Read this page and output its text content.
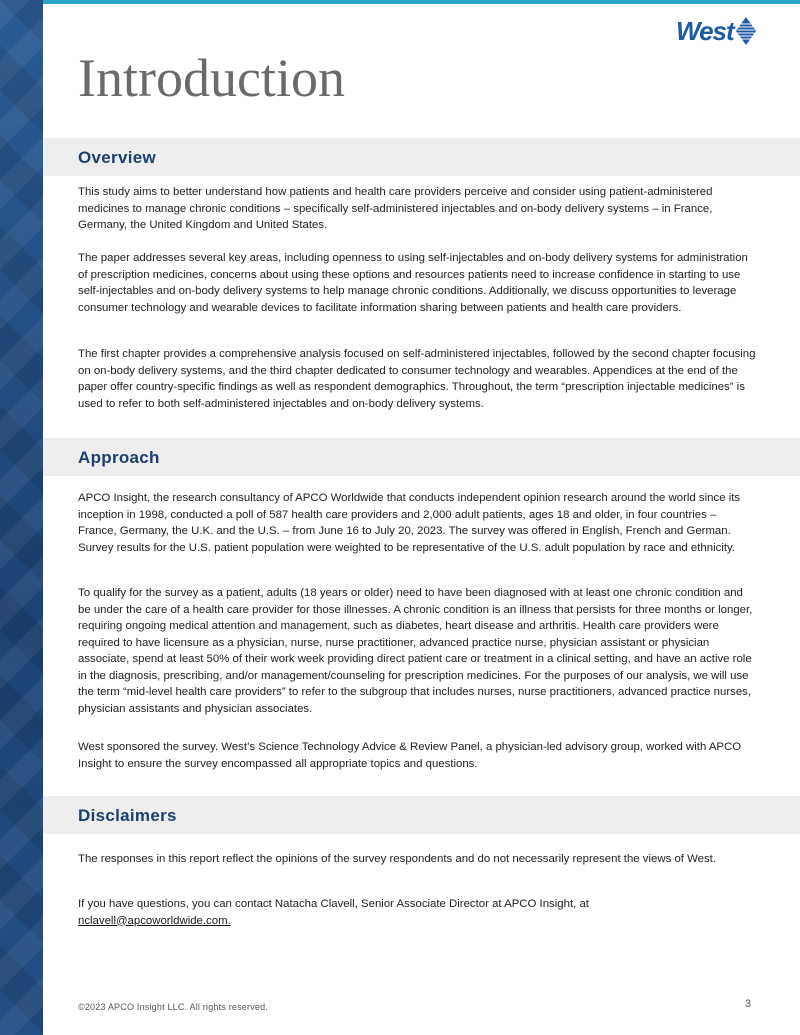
West
Introduction
Overview

This study aims to better understand how patients and health care providers perceive and consider using patient-administered medicines to manage chronic conditions – specifically self-administered injectables and on-body delivery systems – in France, Germany, the United Kingdom and United States.

The paper addresses several key areas, including openness to using self-injectables and on-body delivery systems for administration of prescription medicines, concerns about using these options and resources patients need to increase confidence in starting to use self-injectables and on-body delivery systems to help manage chronic conditions. Additionally, we discuss opportunities to leverage consumer technology and wearable devices to facilitate information sharing between patients and health care providers.

The first chapter provides a comprehensive analysis focused on self-administered injectables, followed by the second chapter focusing on on-body delivery systems, and the third chapter dedicated to consumer technology and wearables. Appendices at the end of the paper offer country-specific findings as well as respondent demographics. Throughout, the term “prescription injectable medicines” is used to refer to both self-administered injectables and on-body delivery systems.

Approach

APCO Insight, the research consultancy of APCO Worldwide that conducts independent opinion research around the world since its inception in 1998, conducted a poll of 587 health care providers and 2,000 adult patients, ages 18 and older, in four countries – France, Germany, the U.K. and the U.S. – from June 16 to July 20, 2023. The survey was offered in English, French and German. Survey results for the U.S. patient population were weighted to be representative of the U.S. adult population by race and ethnicity.

To qualify for the survey as a patient, adults (18 years or older) need to have been diagnosed with at least one chronic condition and be under the care of a health care provider for those illnesses. A chronic condition is an illness that persists for three months or longer, requiring ongoing medical attention and management, such as diabetes, heart disease and arthritis. Health care providers were required to have licensure as a physician, nurse, nurse practitioner, advanced practice nurse, physician assistant or physician associate, spend at least 50% of their work week providing direct patient care or treatment in a clinical setting, and have an active role in the diagnosis, prescribing, and/or management/counseling for prescription medicines. For the purposes of our analysis, we will use the term “mid-level health care providers” to refer to the subgroup that includes nurses, nurse practitioners, advanced practice nurses, physician assistants and physician associates.

West sponsored the survey. West’s Science Technology Advice & Review Panel, a physician-led advisory group, worked with APCO Insight to ensure the survey encompassed all appropriate topics and questions.

Disclaimers

The responses in this report reflect the opinions of the survey respondents and do not necessarily represent the views of West.

If you have questions, you can contact Natacha Clavell, Senior Associate Director at APCO Insight, at
nclavell@apcoworldwide.com.

©2023 APCO Insight LLC. All rights reserved.	3
